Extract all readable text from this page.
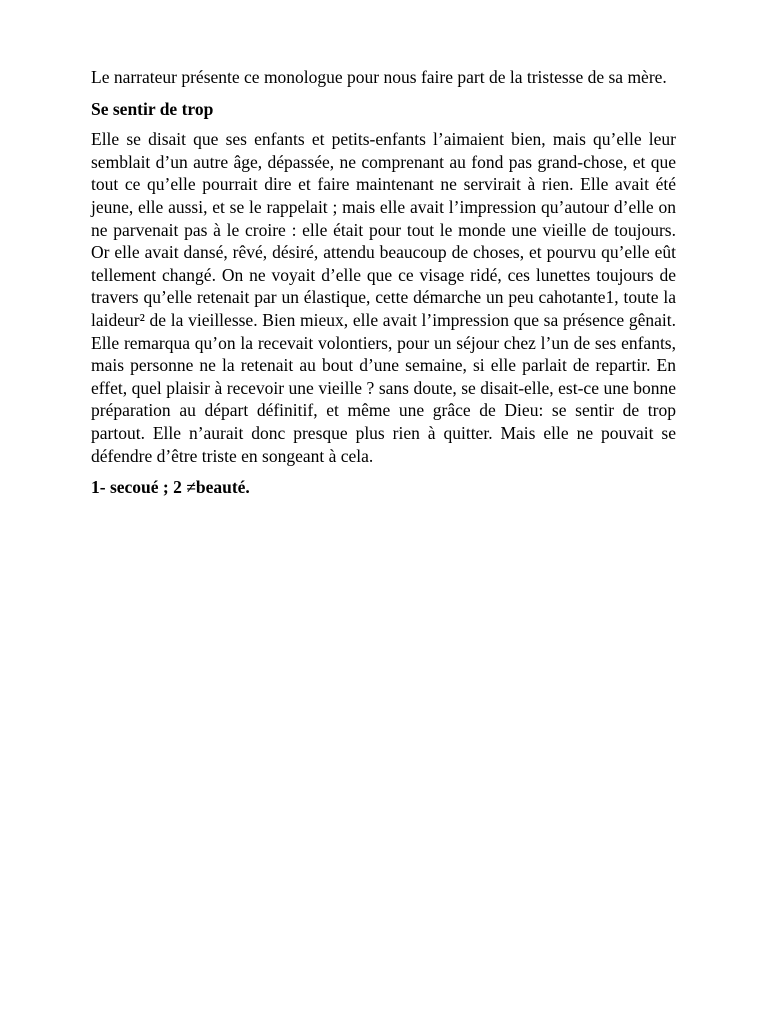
Le narrateur présente ce monologue pour nous faire part de la tristesse de sa mère.

Se sentir de trop

Elle se disait que ses enfants et petits-enfants l’aimaient bien, mais qu’elle leur semblait d’un autre âge, dépassée, ne comprenant au fond pas grand-chose, et que tout ce qu’elle pourrait dire et faire maintenant ne servirait à rien. Elle avait été jeune, elle aussi, et se le rappelait ; mais elle avait l’impression qu’autour d’elle on ne parvenait pas à le croire : elle était pour tout le monde une vieille de toujours. Or elle avait dansé, rêvé, désiré, attendu beaucoup de choses, et pourvu qu’elle eût tellement changé. On ne voyait d’elle que ce visage ridé, ces lunettes toujours de travers qu’elle retenait par un élastique, cette démarche un peu cahotante1, toute la laideur² de la vieillesse. Bien mieux, elle avait l’impression que sa présence gênait. Elle remarqua qu’on la recevait volontiers, pour un séjour chez l’un de ses enfants, mais personne ne la retenait au bout d’une semaine, si elle parlait de repartir. En effet, quel plaisir à recevoir une vieille ? sans doute, se disait-elle, est-ce une bonne préparation au départ définitif, et même une grâce de Dieu: se sentir de trop partout. Elle n’aurait donc presque plus rien à quitter. Mais elle ne pouvait se défendre d’être triste en songeant à cela.

1- secoué ; 2 ≠beauté.
